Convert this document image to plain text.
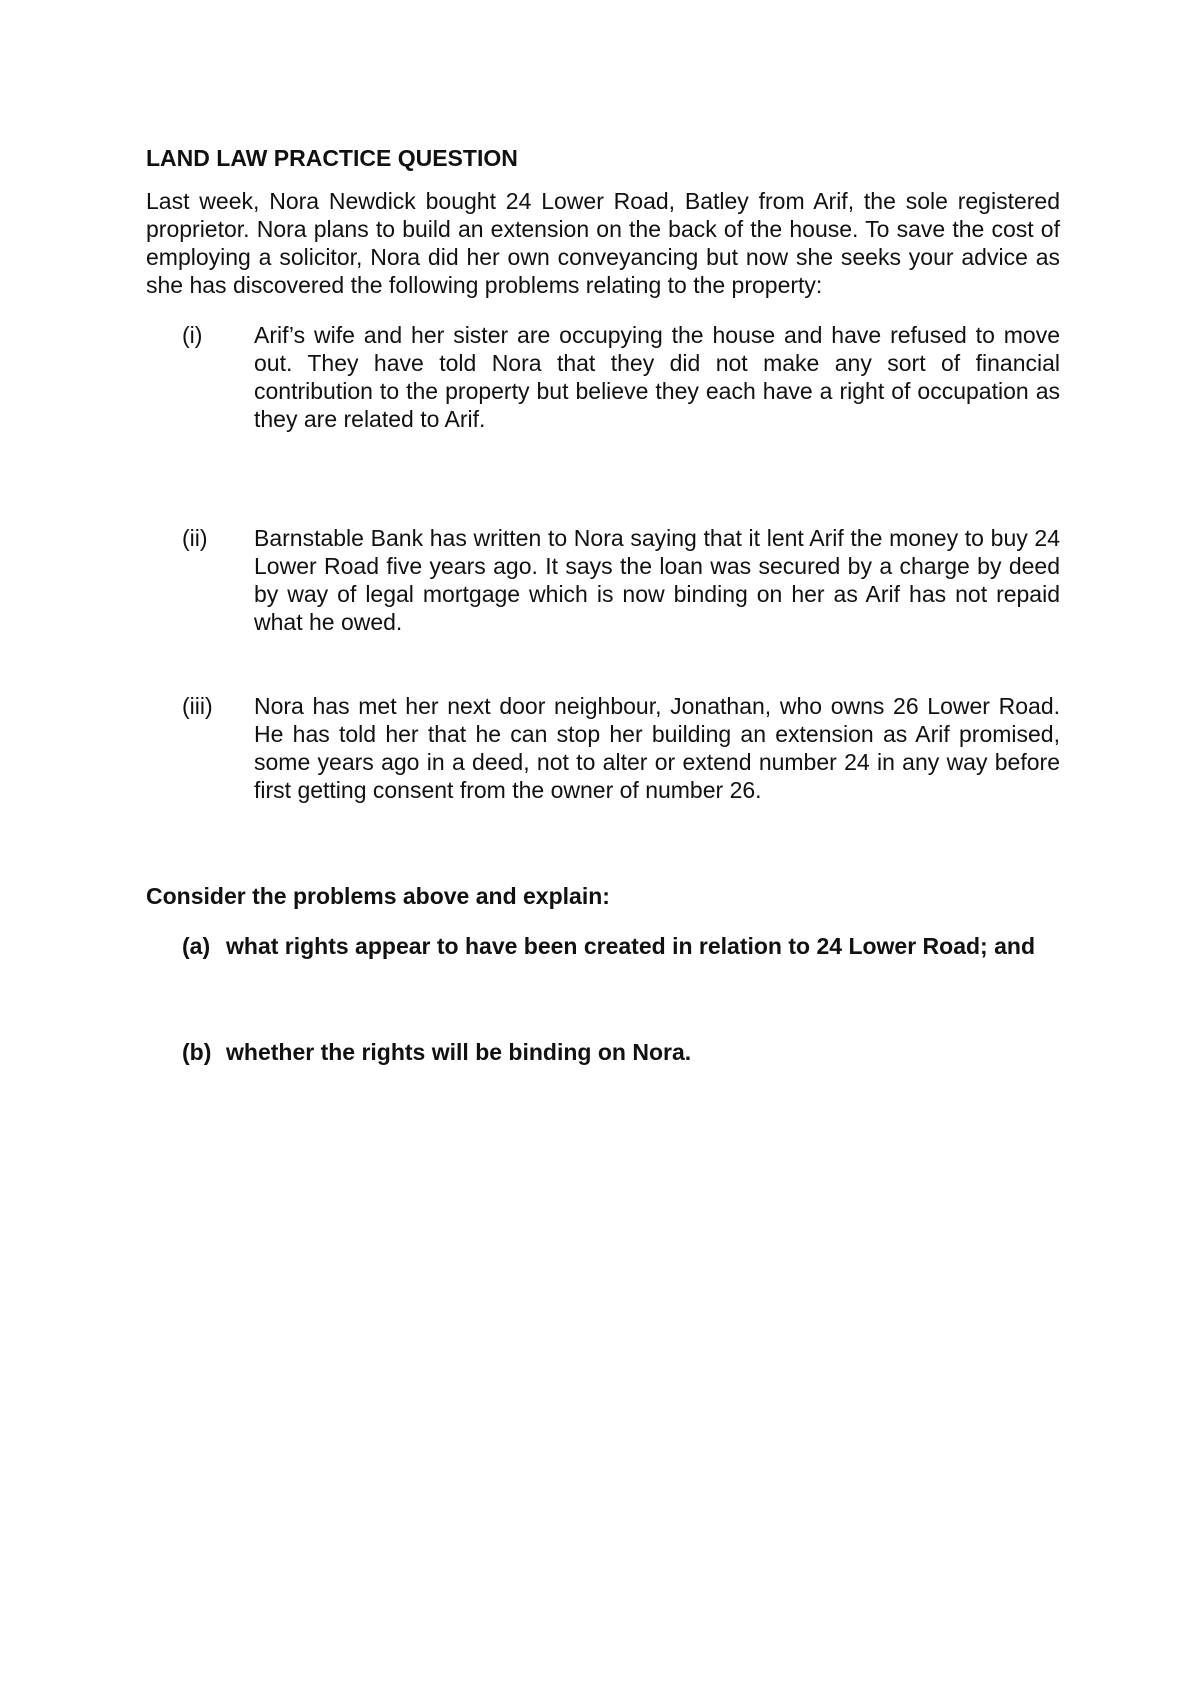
LAND LAW PRACTICE QUESTION

Last week, Nora Newdick bought 24 Lower Road, Batley from Arif, the sole registered proprietor. Nora plans to build an extension on the back of the house. To save the cost of employing a solicitor, Nora did her own conveyancing but now she seeks your advice as she has discovered the following problems relating to the property:

(i)	Arif’s wife and her sister are occupying the house and have refused to move out. They have told Nora that they did not make any sort of financial contribution to the property but believe they each have a right of occupation as they are related to Arif.
(ii)	Barnstable Bank has written to Nora saying that it lent Arif the money to buy 24 Lower Road five years ago. It says the loan was secured by a charge by deed by way of legal mortgage which is now binding on her as Arif has not repaid what he owed.
(iii) Nora has met her next door neighbour, Jonathan, who owns 26 Lower Road. He has told her that he can stop her building an extension as Arif promised, some years ago in a deed, not to alter or extend number 24 in any way before first getting consent from the owner of number 26.

Consider the problems above and explain:

(a) what rights appear to have been created in relation to 24 Lower Road; and
(b) whether the rights will be binding on Nora.
